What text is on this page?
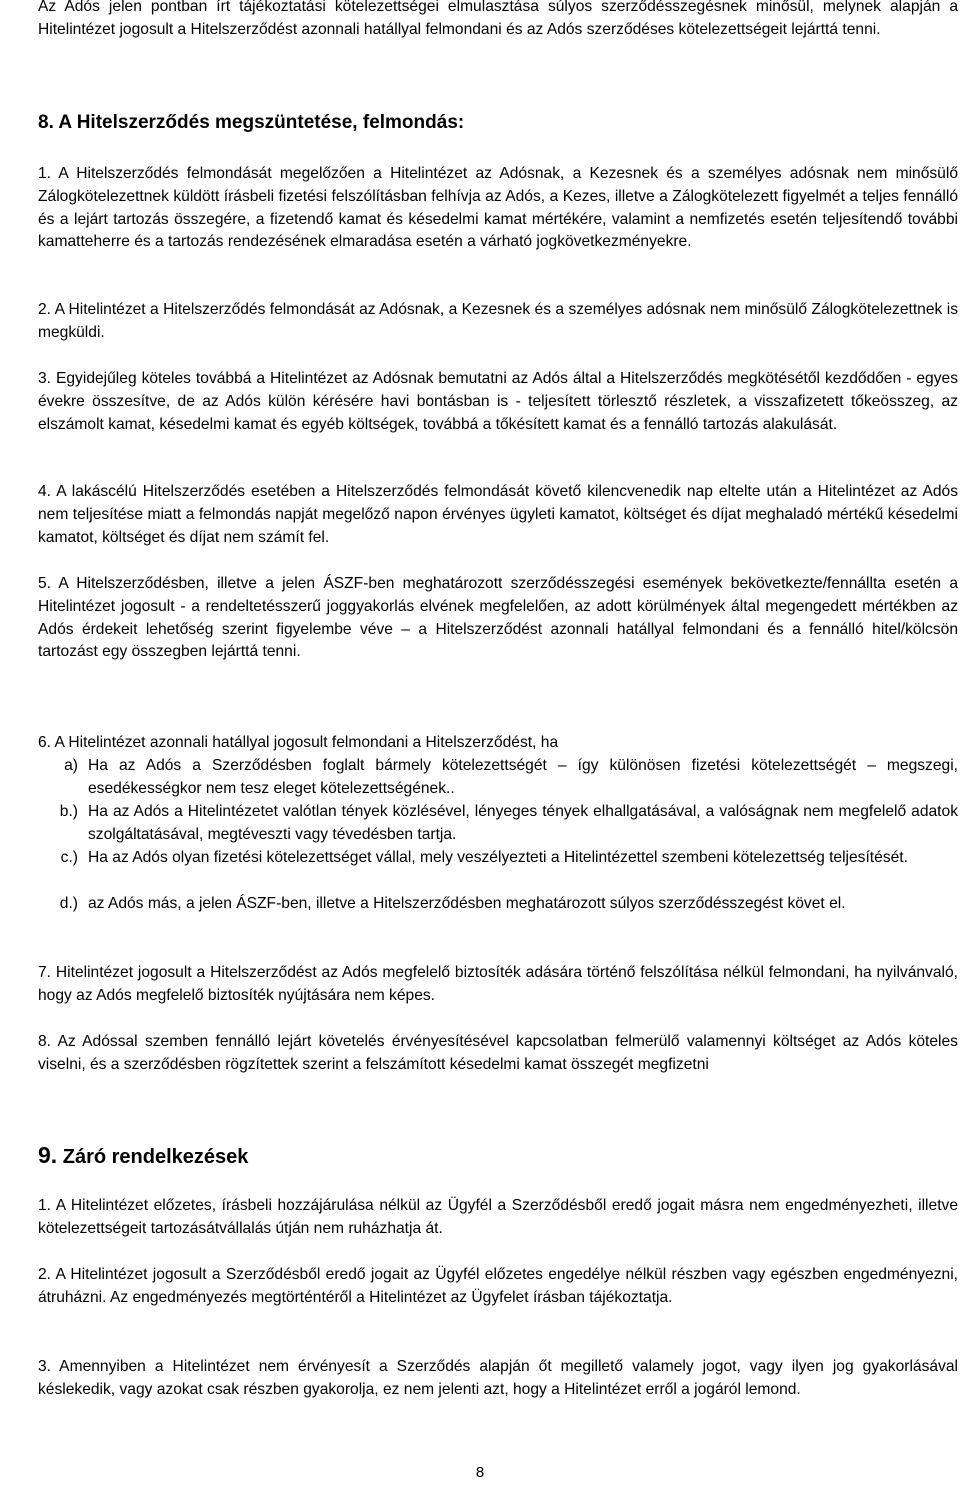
Az Adós jelen pontban írt tájékoztatási kötelezettségei elmulasztása súlyos szerződésszegésnek minősül, melynek alapján a Hitelintézet jogosult a Hitelszerződést azonnali hatállyal felmondani és az Adós szerződéses kötelezettségeit lejárttá tenni.

8. A Hitelszerződés megszüntetése, felmondás:

1. A Hitelszerződés felmondását megelőzően a Hitelintézet az Adósnak, a Kezesnek és a személyes adósnak nem minősülő Zálogkötelezettnek küldött írásbeli fizetési felszólításban felhívja az Adós, a Kezes, illetve a Zálogkötelezett figyelmét a teljes fennálló és a lejárt tartozás összegére, a fizetendő kamat és késedelmi kamat mértékére, valamint a nemfizetés esetén teljesítendő további kamatteherre és a tartozás rendezésének elmaradása esetén a várható jogkövetkezményekre.
2. A Hitelintézet a Hitelszerződés felmondását az Adósnak, a Kezesnek és a személyes adósnak nem minősülő Zálogkötelezettnek is megküldi.
3. Egyidejűleg köteles továbbá a Hitelintézet az Adósnak bemutatni az Adós által a Hitelszerződés megkötésétől kezdődően - egyes évekre összesítve, de az Adós külön kérésére havi bontásban is - teljesített törlesztő részletek, a visszafizetett tőkeösszeg, az elszámolt kamat, késedelmi kamat és egyéb költségek, továbbá a tőkésített kamat és a fennálló tartozás alakulását.
4. A lakáscélú Hitelszerződés esetében a Hitelszerződés felmondását követő kilencvenedik nap eltelte után a Hitelintézet az Adós nem teljesítése miatt a felmondás napját megelőző napon érvényes ügyleti kamatot, költséget és díjat meghaladó mértékű késedelmi kamatot, költséget és díjat nem számít fel.
5. A Hitelszerződésben, illetve a jelen ÁSZF-ben meghatározott szerződésszegési események bekövetkezte/fennállta esetén a Hitelintézet jogosult - a rendeltetésszerű joggyakorlás elvének megfelelően, az adott körülmények által megengedett mértékben az Adós érdekeit lehetőség szerint figyelembe véve – a Hitelszerződést azonnali hatállyal felmondani és a fennálló hitel/kölcsön tartozást egy összegben lejárttá tenni.
6. A Hitelintézet azonnali hatállyal jogosult felmondani a Hitelszerződést, ha
a) Ha az Adós a Szerződésben foglalt bármely kötelezettségét – így különösen fizetési kötelezettségét – megszegi, esedékességkor nem tesz eleget kötelezettségének..
b.) Ha az Adós a Hitelintézetet valótlan tények közlésével, lényeges tények elhallgatásával, a valóságnak nem megfelelő adatok szolgáltatásával, megtéveszti vagy tévedésben tartja.
c.) Ha az Adós olyan fizetési kötelezettséget vállal, mely veszélyezteti a Hitelintézettel szembeni kötelezettség teljesítését.
d.) az Adós más, a jelen ÁSZF-ben, illetve a Hitelszerződésben meghatározott súlyos szerződésszegést követ el.
7. Hitelintézet jogosult a Hitelszerződést az Adós megfelelő biztosíték adására történő felszólítása nélkül felmondani, ha nyilvánvaló, hogy az Adós megfelelő biztosíték nyújtására nem képes.
8. Az Adóssal szemben fennálló lejárt követelés érvényesítésével kapcsolatban felmerülő valamennyi költséget az Adós köteles viselni, és a szerződésben rögzítettek szerint a felszámított késedelmi kamat összegét megfizetni

9. Záró rendelkezések

1. A Hitelintézet előzetes, írásbeli hozzájárulása nélkül az Ügyfél a Szerződésből eredő jogait másra nem engedményezheti, illetve kötelezettségeit tartozásátvállalás útján nem ruházhatja át.
2. A Hitelintézet jogosult a Szerződésből eredő jogait az Ügyfél előzetes engedélye nélkül részben vagy egészben engedményezni, átruházni. Az engedményezés megtörténtéről a Hitelintézet az Ügyfelet írásban tájékoztatja.
3. Amennyiben a Hitelintézet nem érvényesít a Szerződés alapján őt megillető valamely jogot, vagy ilyen jog gyakorlásával késlekedik, vagy azokat csak részben gyakorolja, ez nem jelenti azt, hogy a Hitelintézet erről a jogáról lemond.
8
